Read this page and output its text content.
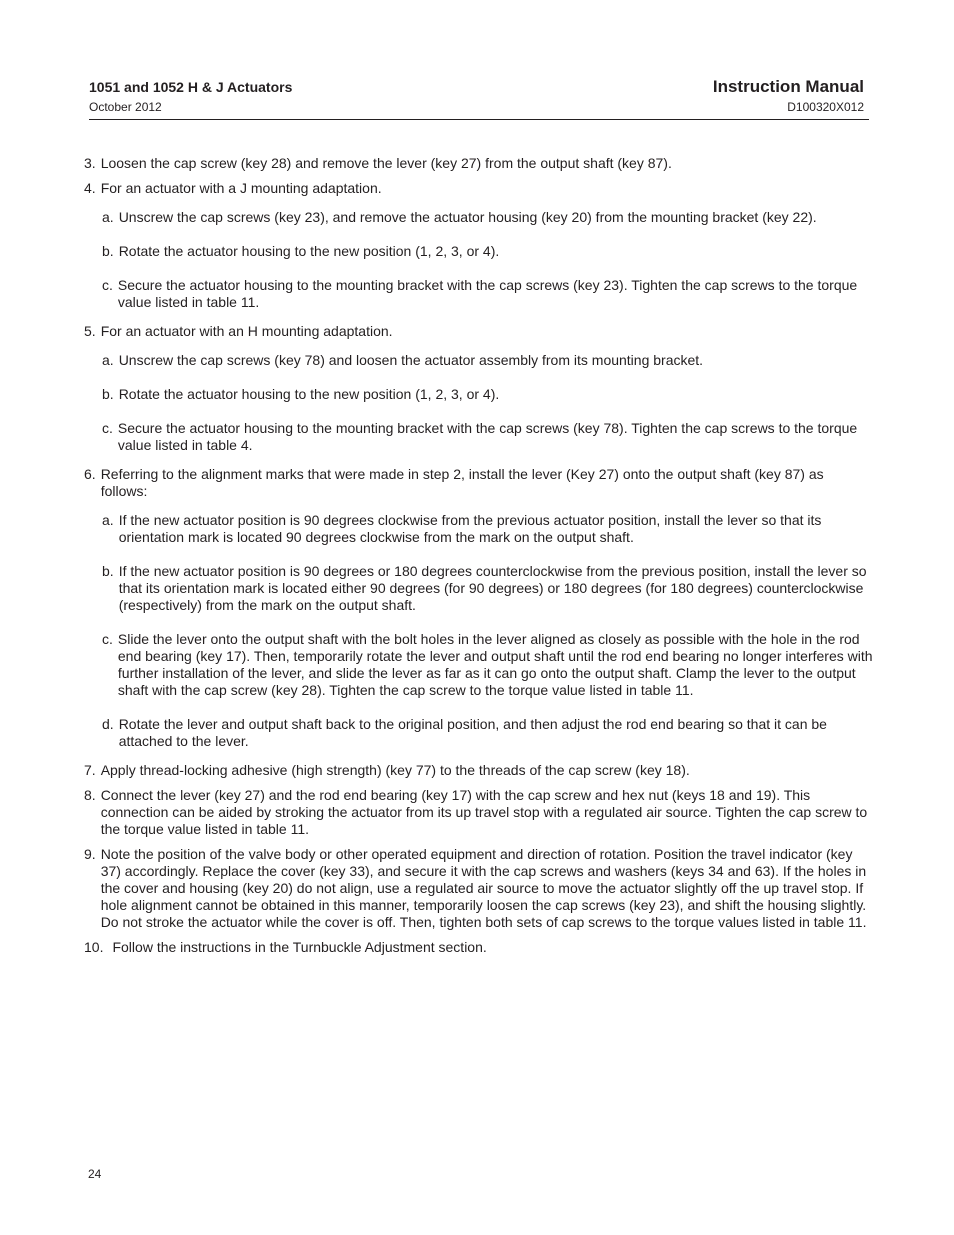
1051 and 1052 H & J Actuators
October 2012
Instruction Manual
D100320X012
3. Loosen the cap screw (key 28) and remove the lever (key 27) from the output shaft (key 87).
4. For an actuator with a J mounting adaptation.
a. Unscrew the cap screws (key 23), and remove the actuator housing (key 20) from the mounting bracket (key 22).
b. Rotate the actuator housing to the new position (1, 2, 3, or 4).
c. Secure the actuator housing to the mounting bracket with the cap screws (key 23). Tighten the cap screws to the torque value listed in table 11.
5. For an actuator with an H mounting adaptation.
a. Unscrew the cap screws (key 78) and loosen the actuator assembly from its mounting bracket.
b. Rotate the actuator housing to the new position (1, 2, 3, or 4).
c. Secure the actuator housing to the mounting bracket with the cap screws (key 78). Tighten the cap screws to the torque value listed in table 4.
6. Referring to the alignment marks that were made in step 2, install the lever (Key 27) onto the output shaft (key 87) as follows:
a. If the new actuator position is 90 degrees clockwise from the previous actuator position, install the lever so that its orientation mark is located 90 degrees clockwise from the mark on the output shaft.
b. If the new actuator position is 90 degrees or 180 degrees counterclockwise from the previous position, install the lever so that its orientation mark is located either 90 degrees (for 90 degrees) or 180 degrees (for 180 degrees) counterclockwise (respectively) from the mark on the output shaft.
c. Slide the lever onto the output shaft with the bolt holes in the lever aligned as closely as possible with the hole in the rod end bearing (key 17). Then, temporarily rotate the lever and output shaft until the rod end bearing no longer interferes with further installation of the lever, and slide the lever as far as it can go onto the output shaft. Clamp the lever to the output shaft with the cap screw (key 28). Tighten the cap screw to the torque value listed in table 11.
d. Rotate the lever and output shaft back to the original position, and then adjust the rod end bearing so that it can be attached to the lever.
7. Apply thread-locking adhesive (high strength) (key 77) to the threads of the cap screw (key 18).
8. Connect the lever (key 27) and the rod end bearing (key 17) with the cap screw and hex nut (keys 18 and 19). This connection can be aided by stroking the actuator from its up travel stop with a regulated air source. Tighten the cap screw to the torque value listed in table 11.
9. Note the position of the valve body or other operated equipment and direction of rotation. Position the travel indicator (key 37) accordingly. Replace the cover (key 33), and secure it with the cap screws and washers (keys 34 and 63). If the holes in the cover and housing (key 20) do not align, use a regulated air source to move the actuator slightly off the up travel stop. If hole alignment cannot be obtained in this manner, temporarily loosen the cap screws (key 23), and shift the housing slightly. Do not stroke the actuator while the cover is off. Then, tighten both sets of cap screws to the torque values listed in table 11.
10. Follow the instructions in the Turnbuckle Adjustment section.
24
